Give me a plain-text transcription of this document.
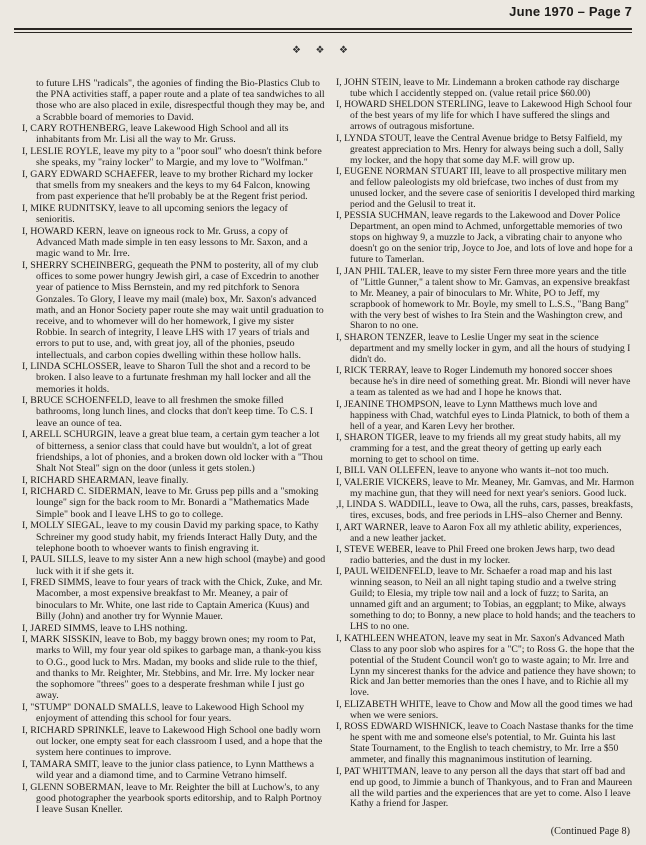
June 1970 – Page 7
❖ ❖ ❖

to future LHS "radicals", the agonies of finding the Bio-Plastics Club to the PNA activities staff, a paper route and a plate of tea sandwiches to all those who are also placed in exile, disrespectful though they may be, and a Scrabble board of memories to David.

I, CARY ROTHENBERG, leave Lakewood High School and all its inhabitants from Mr. Lisi all the way to Mr. Gruss.

I, LESLIE ROYLE, leave my pity to a "poor soul" who doesn't think before she speaks, my "rainy locker" to Margie, and my love to "Wolfman."

I, GARY EDWARD SCHAEFER, leave to my brother Richard my locker that smells from my sneakers and the keys to my 64 Falcon, knowing from past experience that he'll probably be at the Regent frist period.

I, MIKE RUDNITSKY, leave to all upcoming seniors the legacy of senioritis.

I, HOWARD KERN, leave on igneous rock to Mr. Gruss, a copy of Advanced Math made simple in ten easy lessons to Mr. Saxon, and a magic wand to Mr. Irre.

I, SHERRY SCHEINBERG, gequeath the PNM to posterity, all of my club offices to some power hungry Jewish girl, a case of Excedrin to another year of patience to Miss Bernstein, and my red pitchfork to Senora Gonzales. To Glory, I leave my mail (male) box, Mr. Saxon's advanced math, and an Honor Society paper route she may wait until graduation to receive, and to whomever will do her homework, I give my sister Robbie. In search of integrity, I leave LHS with 17 years of trials and errors to put to use, and, with great joy, all of the phonies, pseudo intellectuals, and carbon copies dwelling within these hollow halls.

I, LINDA SCHLOSSER, leave to Sharon Tull the shot and a record to be broken. I also leave to a furtunate freshman my hall locker and all the memories it holds.

I, BRUCE SCHOENFELD, leave to all freshmen the smoke filled bathrooms, long lunch lines, and clocks that don't keep time. To C.S. I leave an ounce of tea.

I, ARELL SCHURGIN, leave a great blue team, a certain gym teacher a lot of bitterness, a senior class that could have but wouldn't, a lot of great friendships, a lot of phonies, and a broken down old locker with a "Thou Shalt Not Steal" sign on the door (unless it gets stolen.)

I, RICHARD SHEARMAN, leave finally.

I, RICHARD C. SIDERMAN, leave to Mr. Gruss pep pills and a "smoking lounge" sign for the back room to Mr. Bonardi a "Mathematics Made Simple" book and I leave LHS to go to college.

I, MOLLY SIEGAL, leave to my cousin David my parking space, to Kathy Schreiner my good study habit, my friends Interact Hally Duty, and the telephone booth to whoever wants to finish engraving it.

I, PAUL SILLS, leave to my sister Ann a new high school (maybe) and good luck with it if she gets it.

I, FRED SIMMS, leave to four years of track with the Chick, Zuke, and Mr. Macomber, a most expensive breakfast to Mr. Meaney, a pair of binoculars to Mr. White, one last ride to Captain America (Kuus) and Billy (John) and another try for Wynnie Mauer.

I, JARED SIMMS, leave to LHS nothing.

I, MARK SISSKIN, leave to Bob, my baggy brown ones; my room to Pat, marks to Will, my four year old spikes to garbage man, a thank-you kiss to O.G., good luck to Mrs. Madan, my books and slide rule to the thief, and thanks to Mr. Reighter, Mr. Stebbins, and Mr. Irre. My locker near the sophomore "threes" goes to a desperate freshman while I just go away.

I, "STUMP" DONALD SMALLS, leave to Lakewood High School my enjoyment of attending this school for four years.

I, RICHARD SPRINKLE, leave to Lakewood High School one badly worn out locker, one empty seat for each classroom I used, and a hope that the system here continues to improve.

I, TAMARA SMIT, leave to the junior class patience, to Lynn Matthews a wild year and a diamond time, and to Carmine Vetrano himself.

I, GLENN SOBERMAN, leave to Mr. Reighter the bill at Luchow's, to any good photographer the yearbook sports editorship, and to Ralph Portnoy I leave Susan Kneller.

I, JOHN STEIN, leave to Mr. Lindemann a broken cathode ray discharge tube which I accidently stepped on. (value retail price $60.00)

I, HOWARD SHELDON STERLING, leave to Lakewood High School four of the best years of my life for which I have suffered the slings and arrows of outragous misfortune.

I, LYNDA STOUT, leave the Central Avenue bridge to Betsy Falfield, my greatest appreciation to Mrs. Henry for always being such a doll, Sally my locker, and the hopy that some day M.F. will grow up.

I, EUGENE NORMAN STUART III, leave to all prospective military men and fellow paleologists my old briefcase, two inches of dust from my unused locker, and the severe case of senioritis I developed third marking period and the Gelusil to treat it.

I, PESSIA SUCHMAN, leave regards to the Lakewood and Dover Police Department, an open mind to Achmed, unforgettable memories of two stops on highway 9, a muzzle to Jack, a vibrating chair to anyone who doesn't go on the senior trip, Joyce to Joe, and lots of love and hope for a future to Tamerlan.

I, JAN PHIL TALER, leave to my sister Fern three more years and the title of "Little Gunner," a talent show to Mr. Gamvas, an expensive breakfast to Mr. Meaney, a pair of binoculars to Mr. White, PO to Jeff, my scrapbook of homework to Mr. Boyle, my smell to L.S.S., "Bang Bang" with the very best of wishes to Ira Stein and the Washington crew, and Sharon to no one.

I, SHARON TENZER, leave to Leslie Unger my seat in the science department and my smelly locker in gym, and all the hours of studying I didn't do.

I, RICK TERRAY, leave to Roger Lindemuth my honored soccer shoes because he's in dire need of something great. Mr. Biondi will never have a team as talented as we had and I hope he knows that.

I, JEANINE THOMPSON, leave to Lynn Matthews much love and happiness with Chad, watchful eyes to Linda Platnick, to both of them a hell of a year, and Karen Levy her brother.

I, SHARON TIGER, leave to my friends all my great study habits, all my cramming for a test, and the great theory of getting up early each morning to get to school on time.

I, BILL VAN OLLEFEN, leave to anyone who wants it–not too much.

I, VALERIE VICKERS, leave to Mr. Meaney, Mr. Gamvas, and Mr. Harmon my machine gun, that they will need for next year's seniors. Good luck.

,I, LINDA S. WADDILL, leave to Owa, all the ruhs, cars, passes, breakfasts, tires, excuses, bods, and free periods in LHS–also Cherner and Benny.

I, ART WARNER, leave to Aaron Fox all my athletic ability, experiences, and a new leather jacket.

I, STEVE WEBER, leave to Phil Freed one broken Jews harp, two dead radio batteries, and the dust in my locker.

I, PAUL WEIDENFELD, leave to Mr. Schaefer a road map and his last winning season, to Neil an all night taping studio and a twelve string Guild; to Elesia, my triple tow nail and a lock of fuzz; to Sarita, an unnamed gift and an argument; to Tobias, an eggplant; to Mike, always something to do; to Bonny, a new place to hold hands; and the teachers to LHS to no one.

I, KATHLEEN WHEATON, leave my seat in Mr. Saxon's Advanced Math Class to any poor slob who aspires for a "C"; to Ross G. the hope that the potential of the Student Council won't go to waste again; to Mr. Irre and Lynn my sincerest thanks for the advice and patience they have shown; to Rick and Jan better memories than the ones I have, and to Richie all my love.

I, ELIZABETH WHITE, leave to Chow and Mow all the good times we had when we were seniors.

I, ROSS EDWARD WISHNICK, leave to Coach Nastase thanks for the time he spent with me and someone else's potential, to Mr. Guinta his last State Tournament, to the English to teach chemistry, to Mr. Irre a $50 ammeter, and finally this magnanimous institution of learning.

I, PAT WHITTMAN, leave to any person all the days that start off bad and end up good, to Jimmie a bunch of Thankyous, and to Fran and Maureen all the wild parties and the experiences that are yet to come. Also I leave Kathy a friend for Jasper.

(Continued Page 8)
